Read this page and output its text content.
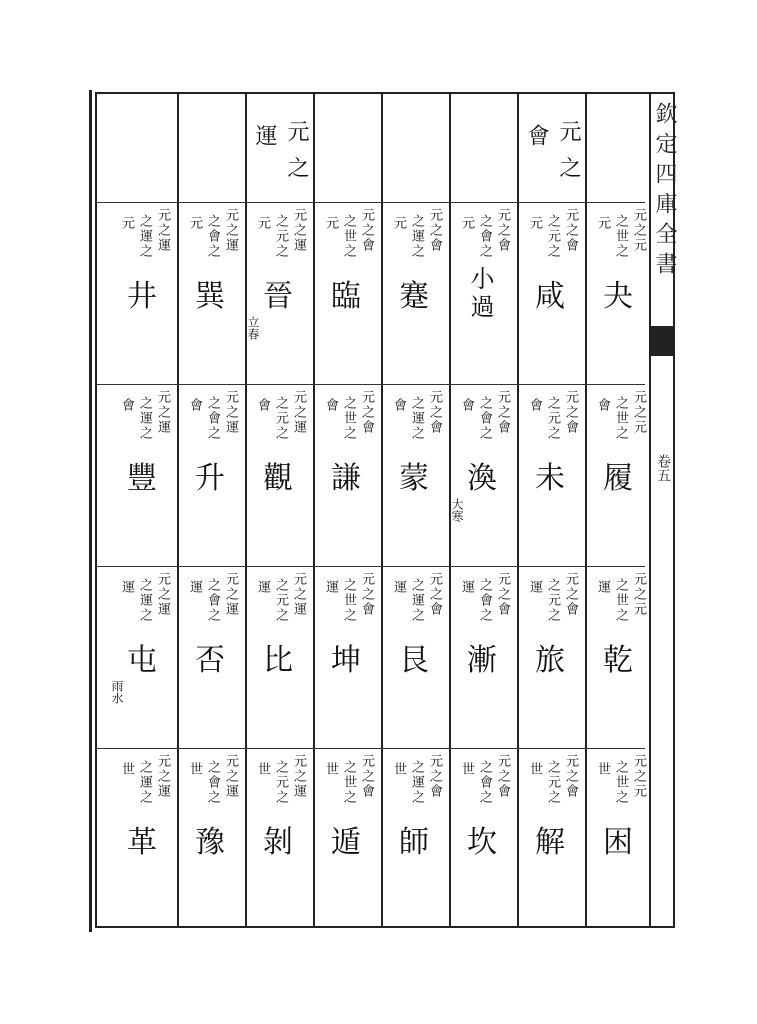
欽定四庫全書
卷五
元之元
之世之
元
夬
元之元
之世之
會
履
元之元
之世之
運
乾
元之元
之世之
世
困
元之
會
元之會
之元之
元
咸
元之會
之元之
會
未
元之會
之元之
運
旅
元之會
之元之
世
解
元之會
之會之
元
小過
元之會
之會之
會
渙
大寒
元之會
之會之
運
漸
元之會
之會之
世
坎
元之會
之運之
元
蹇
元之會
之運之
會
蒙
元之會
之運之
運
艮
元之會
之運之
世
師
元之會
之世之
元
臨
元之會
之世之
會
謙
元之會
之世之
運
坤
元之會
之世之
世
遁
元之
運
元之運
之元之
元
晉
立春
元之運
之元之
會
觀
元之運
之元之
運
比
元之運
之元之
世
剝
元之運
之會之
元
巽
元之運
之會之
會
升
元之運
之會之
運
否
元之運
之會之
世
豫
元之運
之運之
元
井
元之運
之運之
會
豐
元之運
之運之
運
屯
雨水
元之運
之運之
世
革
